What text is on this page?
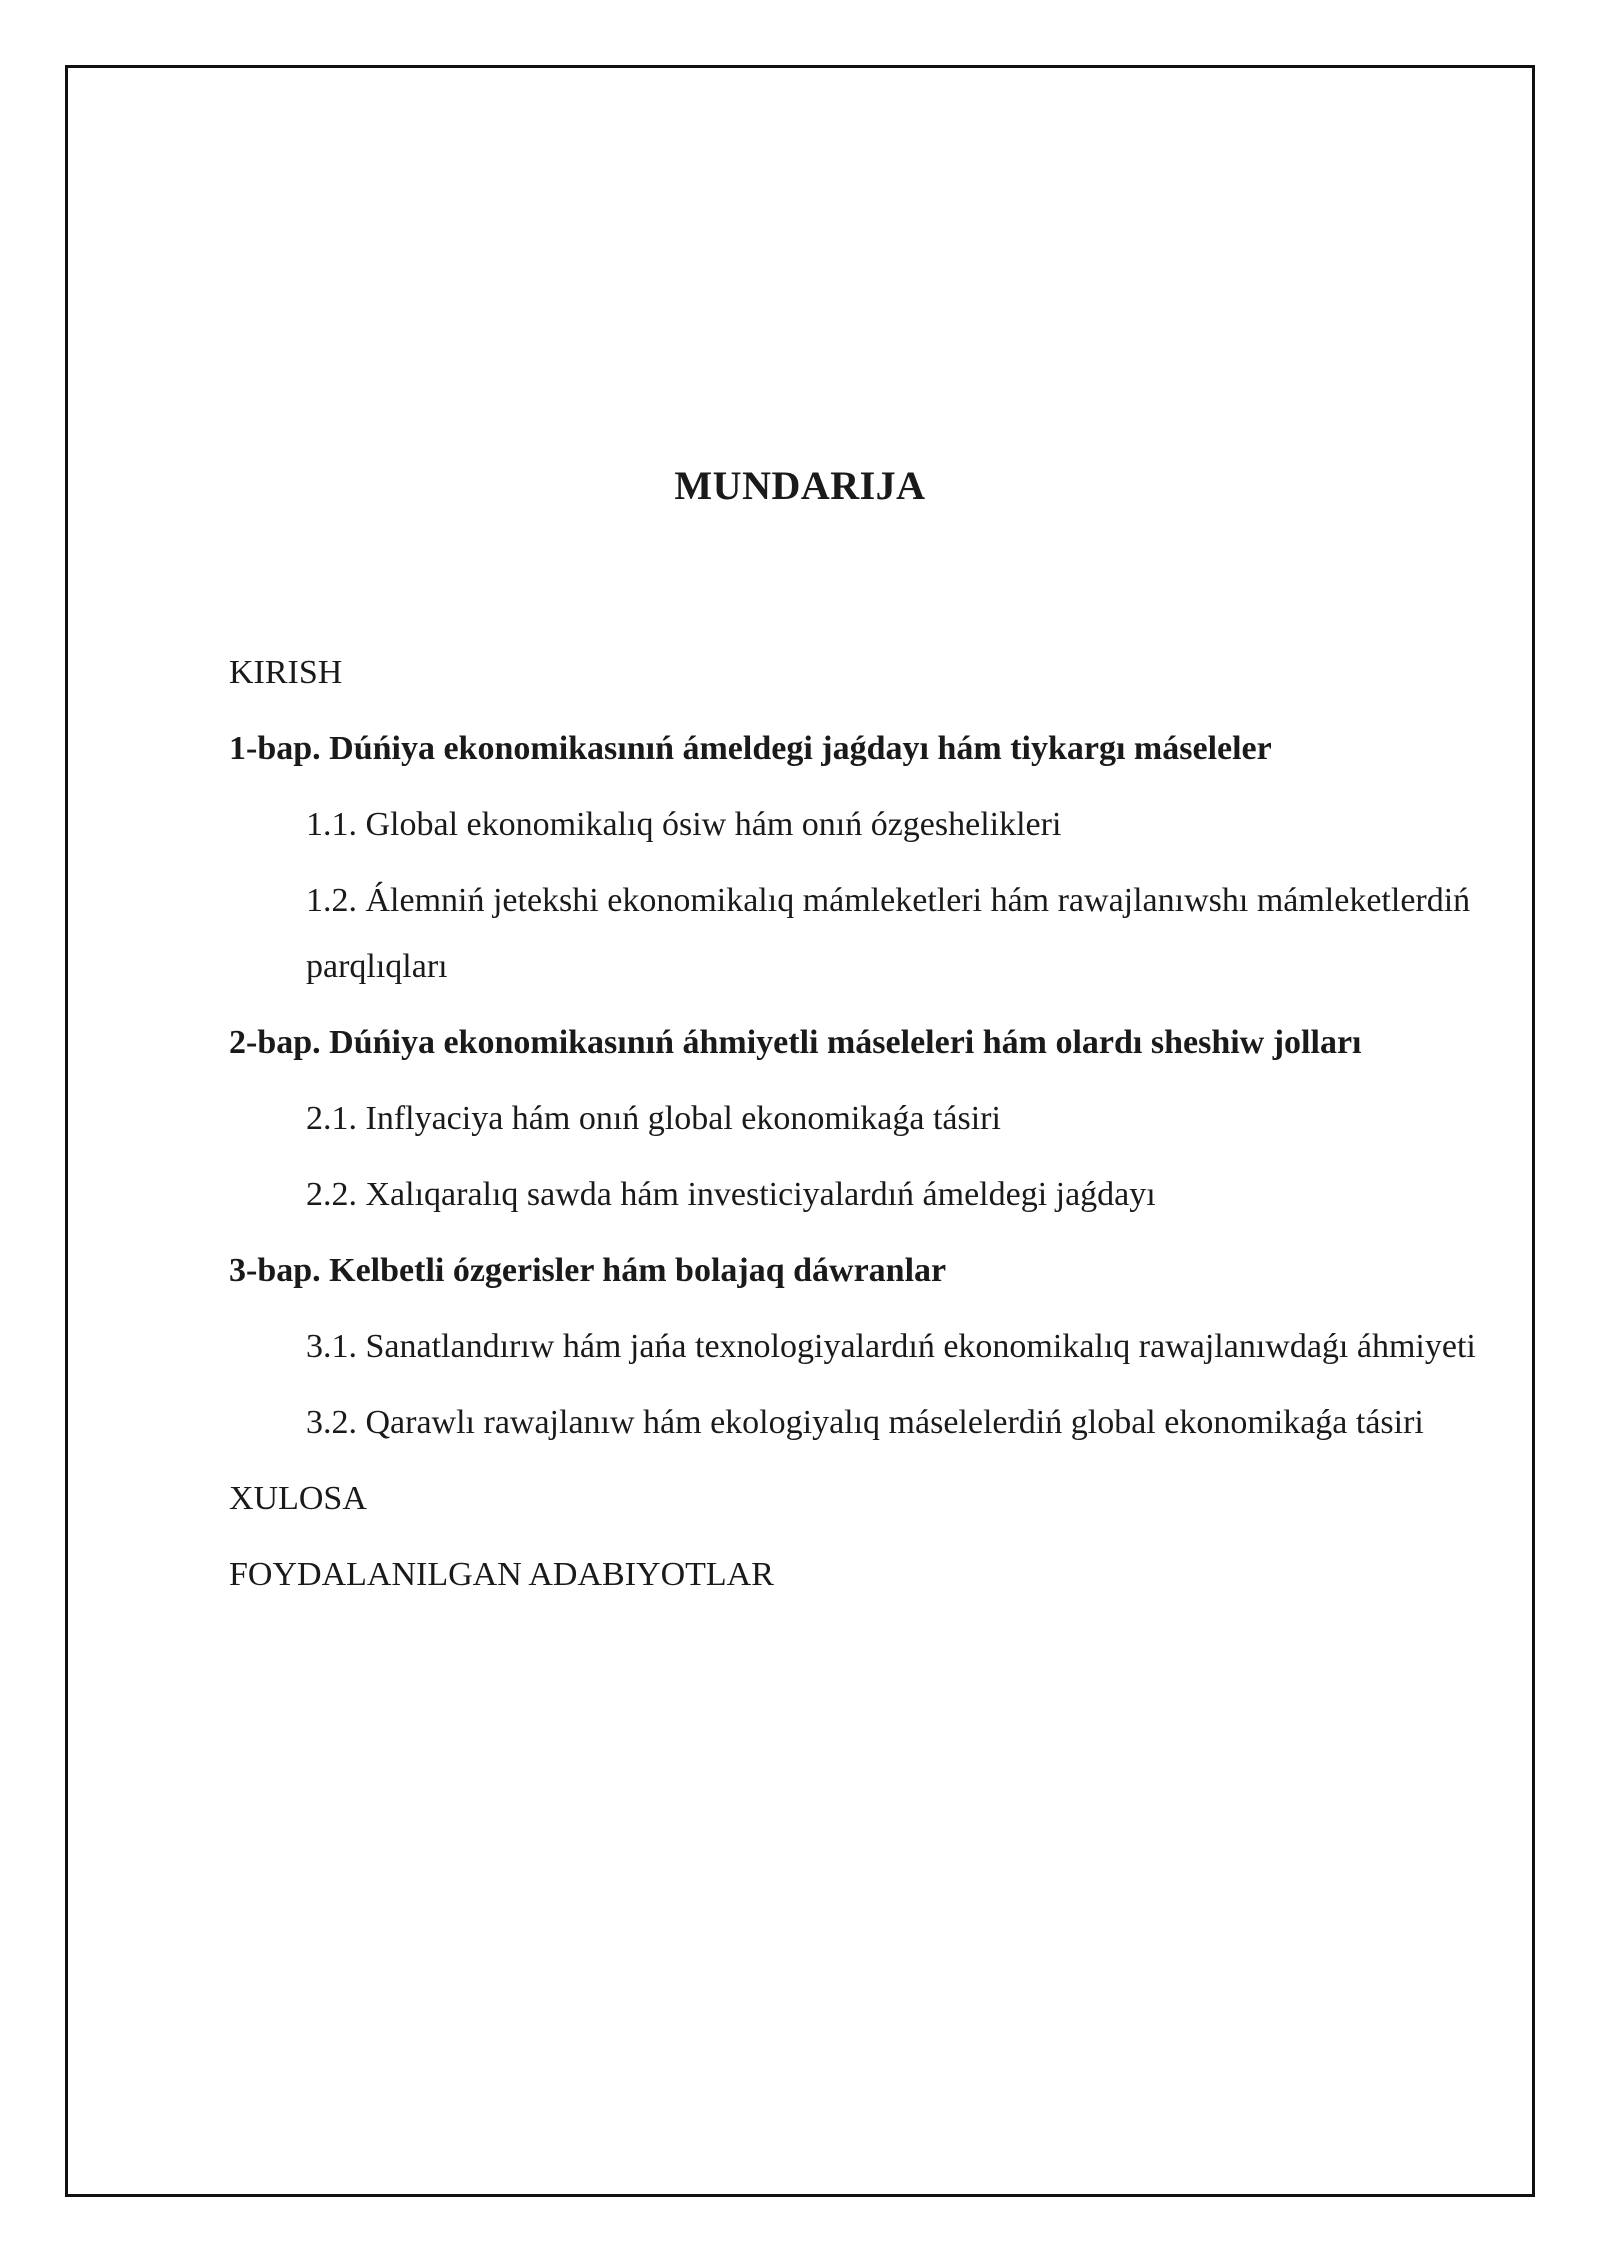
MUNDARIJA
KIRISH
1-bap. Dúńiya ekonomikasınıń ámeldegi jaǵdayı hám tiykargı máseleler
1.1. Global ekonomikalıq ósiw hám onıń ózgeshelikleri
1.2. Álemniń jetekshi ekonomikalıq mámleketleri hám rawajlanıwshı mámleketlerdiń parqlıqları
2-bap. Dúńiya ekonomikasınıń áhmiyetli máseleleri hám olardı sheshiw jolları
2.1. Inflyaciya hám onıń global ekonomikaǵa tásiri
2.2. Xalıqaralıq sawda hám investiciyalardıń ámeldegi jaǵdayı
3-bap. Kelbetli ózgerisler hám bolajaq dáwranlar
3.1. Sanatlandırıw hám jańa texnologiyalardıń ekonomikalıq rawajlanıwdaǵı áhmiyeti
3.2. Qarawlı rawajlanıw hám ekologiyalıq máselelerdiń global ekonomikaǵa tásiri
XULOSA
FOYDALANILGAN ADABIYOTLAR
